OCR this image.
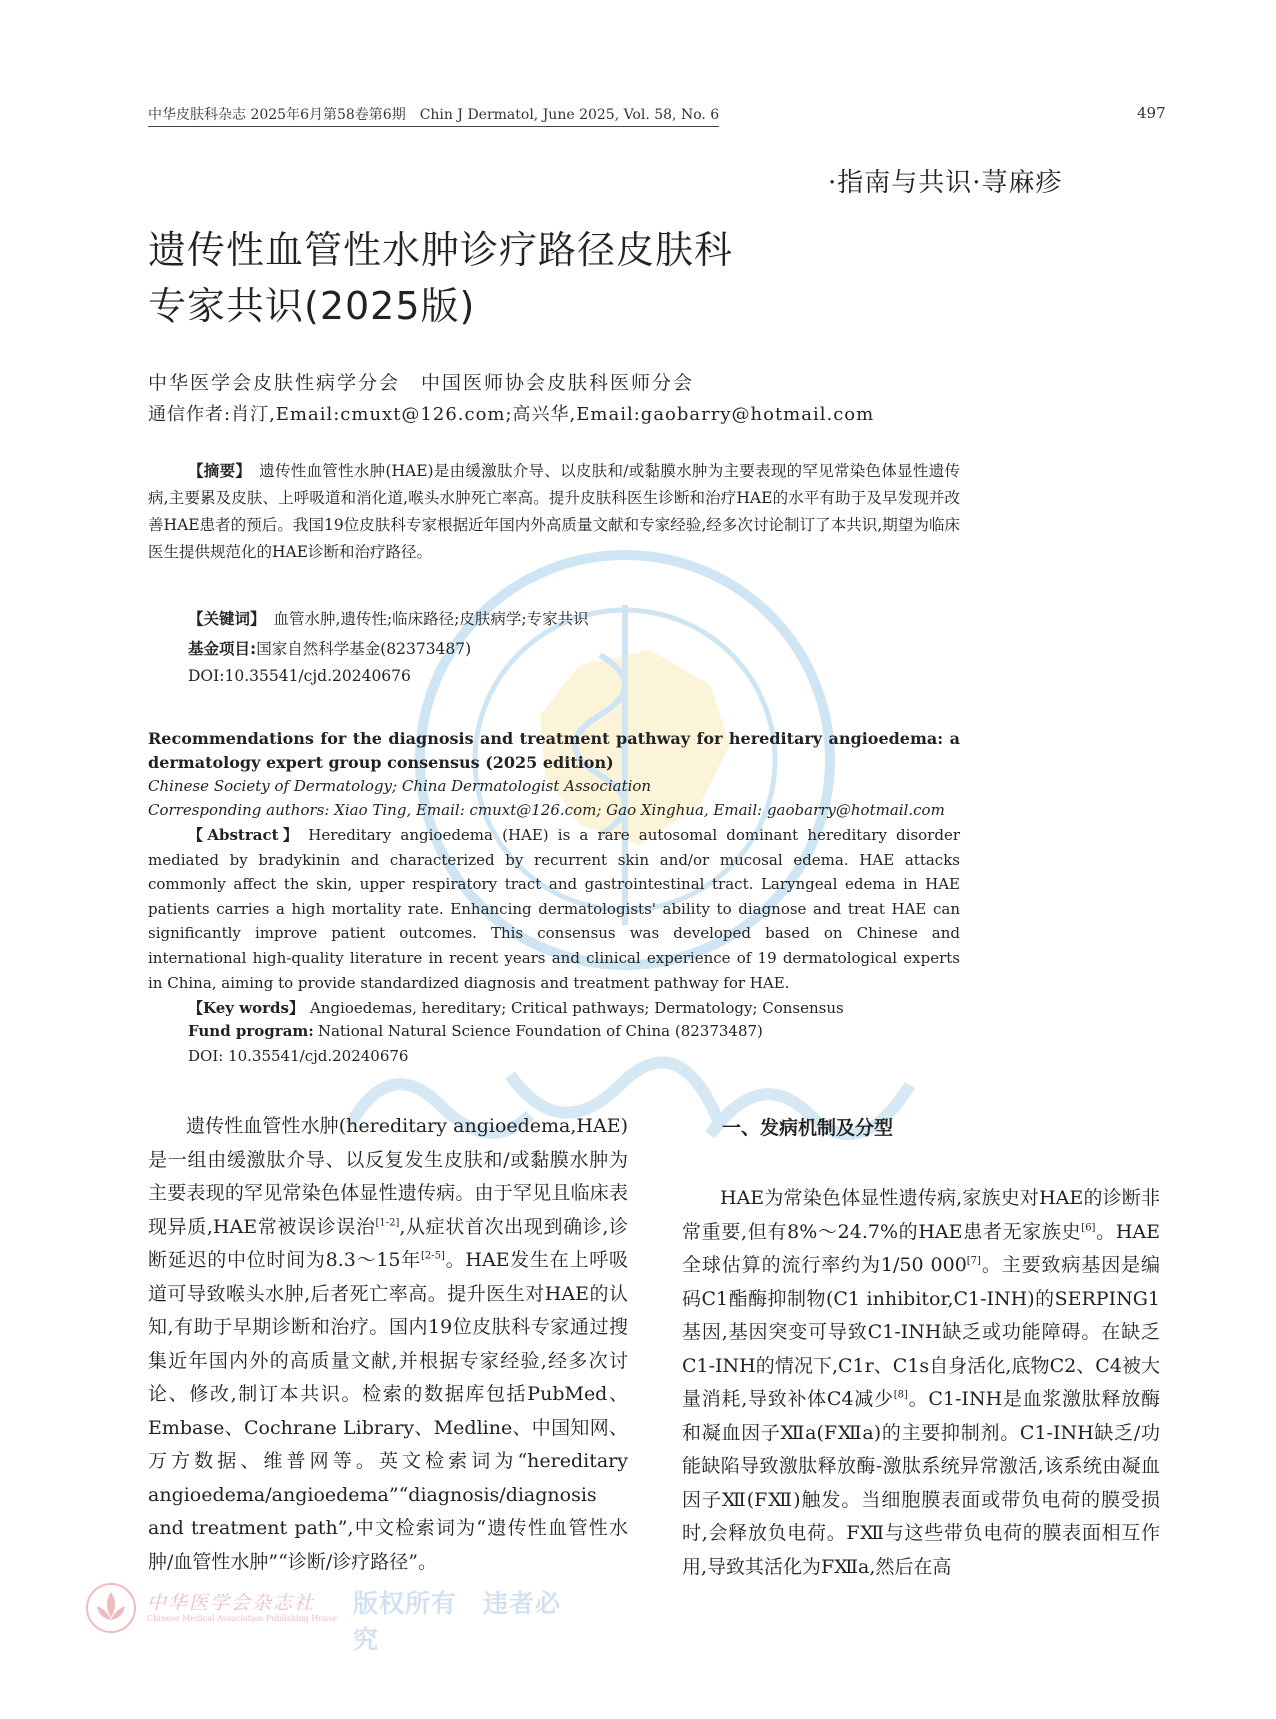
中华皮肤科杂志 2025年6月第58卷第6期　Chin J Dermatol, June 2025, Vol. 58, No. 6	497
·指南与共识·荨麻疹
遗传性血管性水肿诊疗路径皮肤科
专家共识(2025版)
中华医学会皮肤性病学分会　中国医师协会皮肤科医师分会
通信作者:肖汀,Email:cmuxt@126.com;高兴华,Email:gaobarry@hotmail.com
【摘要】 遗传性血管性水肿(HAE)是由缓激肽介导、以皮肤和/或黏膜水肿为主要表现的罕见常染色体显性遗传病,主要累及皮肤、上呼吸道和消化道,喉头水肿死亡率高。提升皮肤科医生诊断和治疗HAE的水平有助于及早发现并改善HAE患者的预后。我国19位皮肤科专家根据近年国内外高质量文献和专家经验,经多次讨论制订了本共识,期望为临床医生提供规范化的HAE诊断和治疗路径。
【关键词】 血管水肿,遗传性;临床路径;皮肤病学;专家共识
基金项目:国家自然科学基金(82373487)
DOI:10.35541/cjd.20240676
Recommendations for the diagnosis and treatment pathway for hereditary angioedema: a dermatology expert group consensus (2025 edition)
Chinese Society of Dermatology; China Dermatologist Association
Corresponding authors: Xiao Ting, Email: cmuxt@126.com; Gao Xinghua, Email: gaobarry@hotmail.com
【Abstract】 Hereditary angioedema (HAE) is a rare autosomal dominant hereditary disorder mediated by bradykinin and characterized by recurrent skin and/or mucosal edema. HAE attacks commonly affect the skin, upper respiratory tract and gastrointestinal tract. Laryngeal edema in HAE patients carries a high mortality rate. Enhancing dermatologists' ability to diagnose and treat HAE can significantly improve patient outcomes. This consensus was developed based on Chinese and international high-quality literature in recent years and clinical experience of 19 dermatological experts in China, aiming to provide standardized diagnosis and treatment pathway for HAE.
【Key words】 Angioedemas, hereditary; Critical pathways; Dermatology; Consensus
Fund program: National Natural Science Foundation of China (82373487)
DOI: 10.35541/cjd.20240676

遗传性血管性水肿(hereditary angioedema,HAE)是一组由缓激肽介导、以反复发生皮肤和/或黏膜水肿为主要表现的罕见常染色体显性遗传病。由于罕见且临床表现异质,HAE常被误诊误治[1-2],从症状首次出现到确诊,诊断延迟的中位时间为8.3～15年[2-5]。HAE发生在上呼吸道可导致喉头水肿,后者死亡率高。提升医生对HAE的认知,有助于早期诊断和治疗。国内19位皮肤科专家通过搜集近年国内外的高质量文献,并根据专家经验,经多次讨论、修改,制订本共识。检索的数据库包括PubMed、Embase、Cochrane Library、Medline、中国知网、万方数据、维普网等。英文检索词为“hereditary angioedema/angioedema”“diagnosis/diagnosis and treatment path”,中文检索词为“遗传性血管性水肿/血管性水肿”“诊断/诊疗路径”。

一、发病机制及分型

HAE为常染色体显性遗传病,家族史对HAE的诊断非常重要,但有8%～24.7%的HAE患者无家族史[6]。HAE全球估算的流行率约为1/50 000[7]。主要致病基因是编码C1酯酶抑制物(C1 inhibitor,C1-INH)的SERPING1基因,基因突变可导致C1-INH缺乏或功能障碍。在缺乏C1-INH的情况下,C1r、C1s自身活化,底物C2、C4被大量消耗,导致补体C4减少[8]。C1-INH是血浆激肽释放酶和凝血因子Ⅻa(FⅫa)的主要抑制剂。C1-INH缺乏/功能缺陷导致激肽释放酶-激肽系统异常激活,该系统由凝血因子Ⅻ(FⅫ)触发。当细胞膜表面或带负电荷的膜受损时,会释放负电荷。FⅫ与这些带负电荷的膜表面相互作用,导致其活化为FⅫa,然后在高

中华医学会杂志社
Chinese Medical Association Publishing House
版权所有　违者必究
